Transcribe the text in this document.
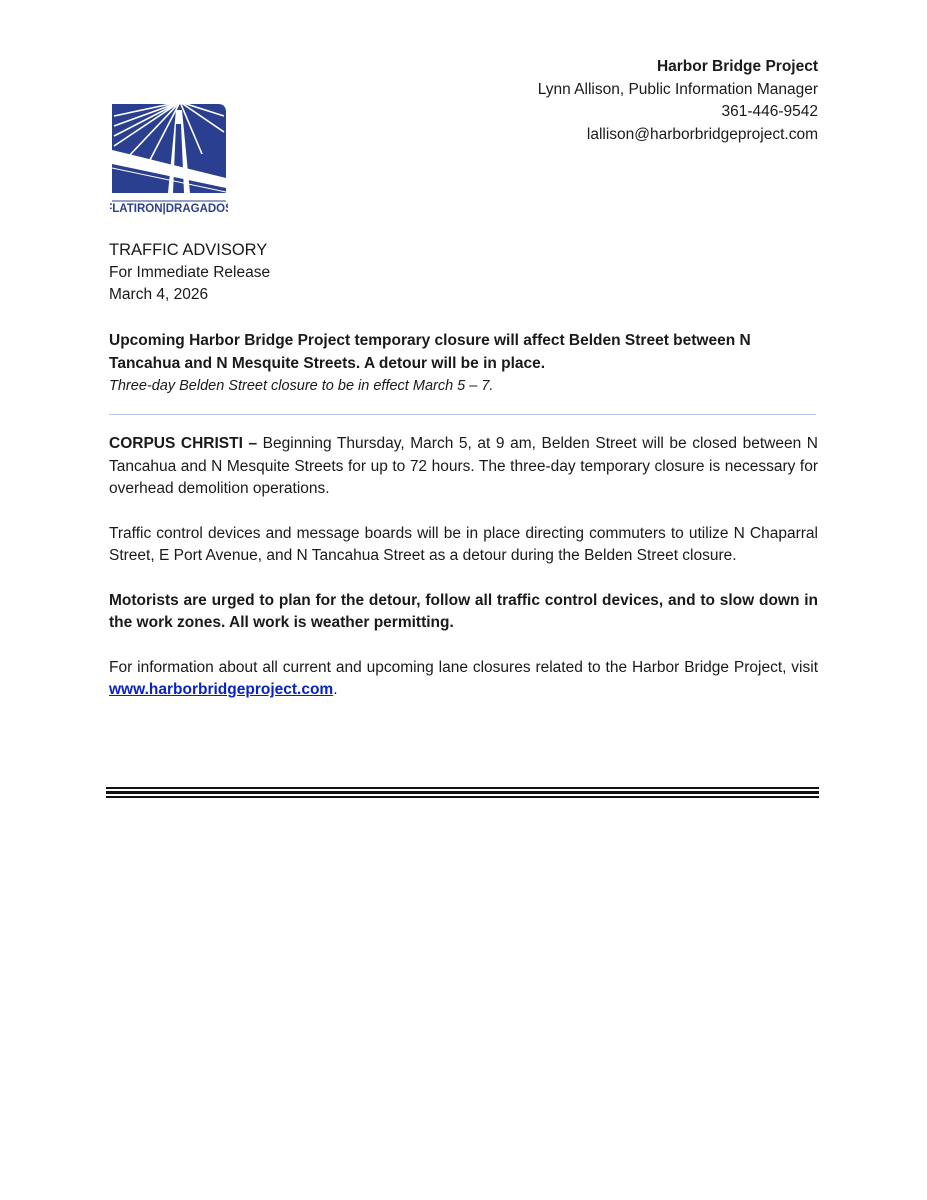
Harbor Bridge Project
Lynn Allison, Public Information Manager
361-446-9542
lallison@harborbridgeproject.com
FLATIRON|DRAGADOS
TRAFFIC ADVISORY
For Immediate Release
March 4, 2026
Upcoming Harbor Bridge Project temporary closure will affect Belden Street between N Tancahua and N Mesquite Streets. A detour will be in place.
Three-day Belden Street closure to be in effect March 5 – 7.

CORPUS CHRISTI – Beginning Thursday, March 5, at 9 am, Belden Street will be closed between N Tancahua and N Mesquite Streets for up to 72 hours. The three-day temporary closure is necessary for overhead demolition operations.

Traffic control devices and message boards will be in place directing commuters to utilize N Chaparral Street, E Port Avenue, and N Tancahua Street as a detour during the Belden Street closure.

Motorists are urged to plan for the detour, follow all traffic control devices, and to slow down in the work zones. All work is weather permitting.

For information about all current and upcoming lane closures related to the Harbor Bridge Project, visit www.harborbridgeproject.com.
